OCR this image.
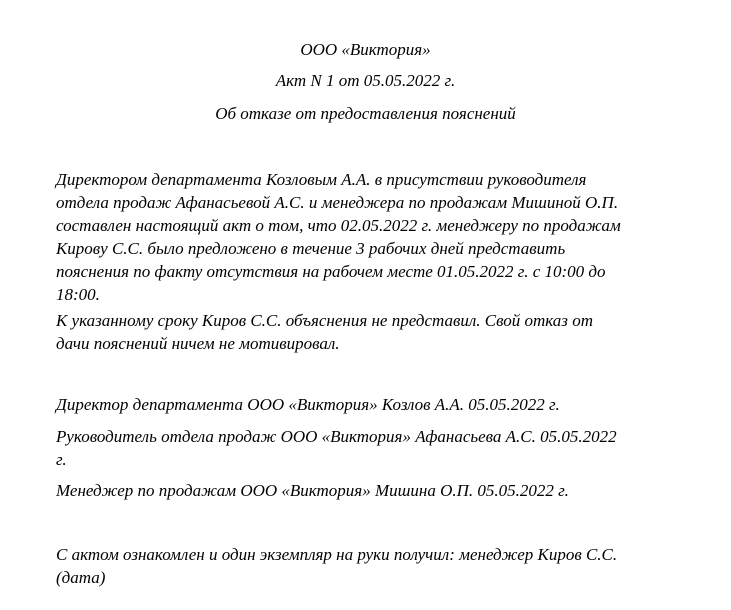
ООО «Виктория»
Акт N 1 от 05.05.2022 г.
Об отказе от предоставления пояснений
Директором департамента Козловым А.А. в присутствии руководителя
отдела продаж Афанасьевой А.С. и менеджера по продажам Мишиной О.П.
составлен настоящий акт о том, что 02.05.2022 г. менеджеру по продажам
Кирову С.С. было предложено в течение 3 рабочих дней представить
пояснения по факту отсутствия на рабочем месте 01.05.2022 г. с 10:00 до
18:00.
К указанному сроку Киров С.С. объяснения не представил. Свой отказ от
дачи пояснений ничем не мотивировал.
Директор департамента ООО «Виктория» Козлов А.А. 05.05.2022 г.
Руководитель отдела продаж ООО «Виктория» Афанасьева А.С. 05.05.2022
г.
Менеджер по продажам ООО «Виктория» Мишина О.П. 05.05.2022 г.
С актом ознакомлен и один экземпляр на руки получил: менеджер Киров С.С.
(дата)
